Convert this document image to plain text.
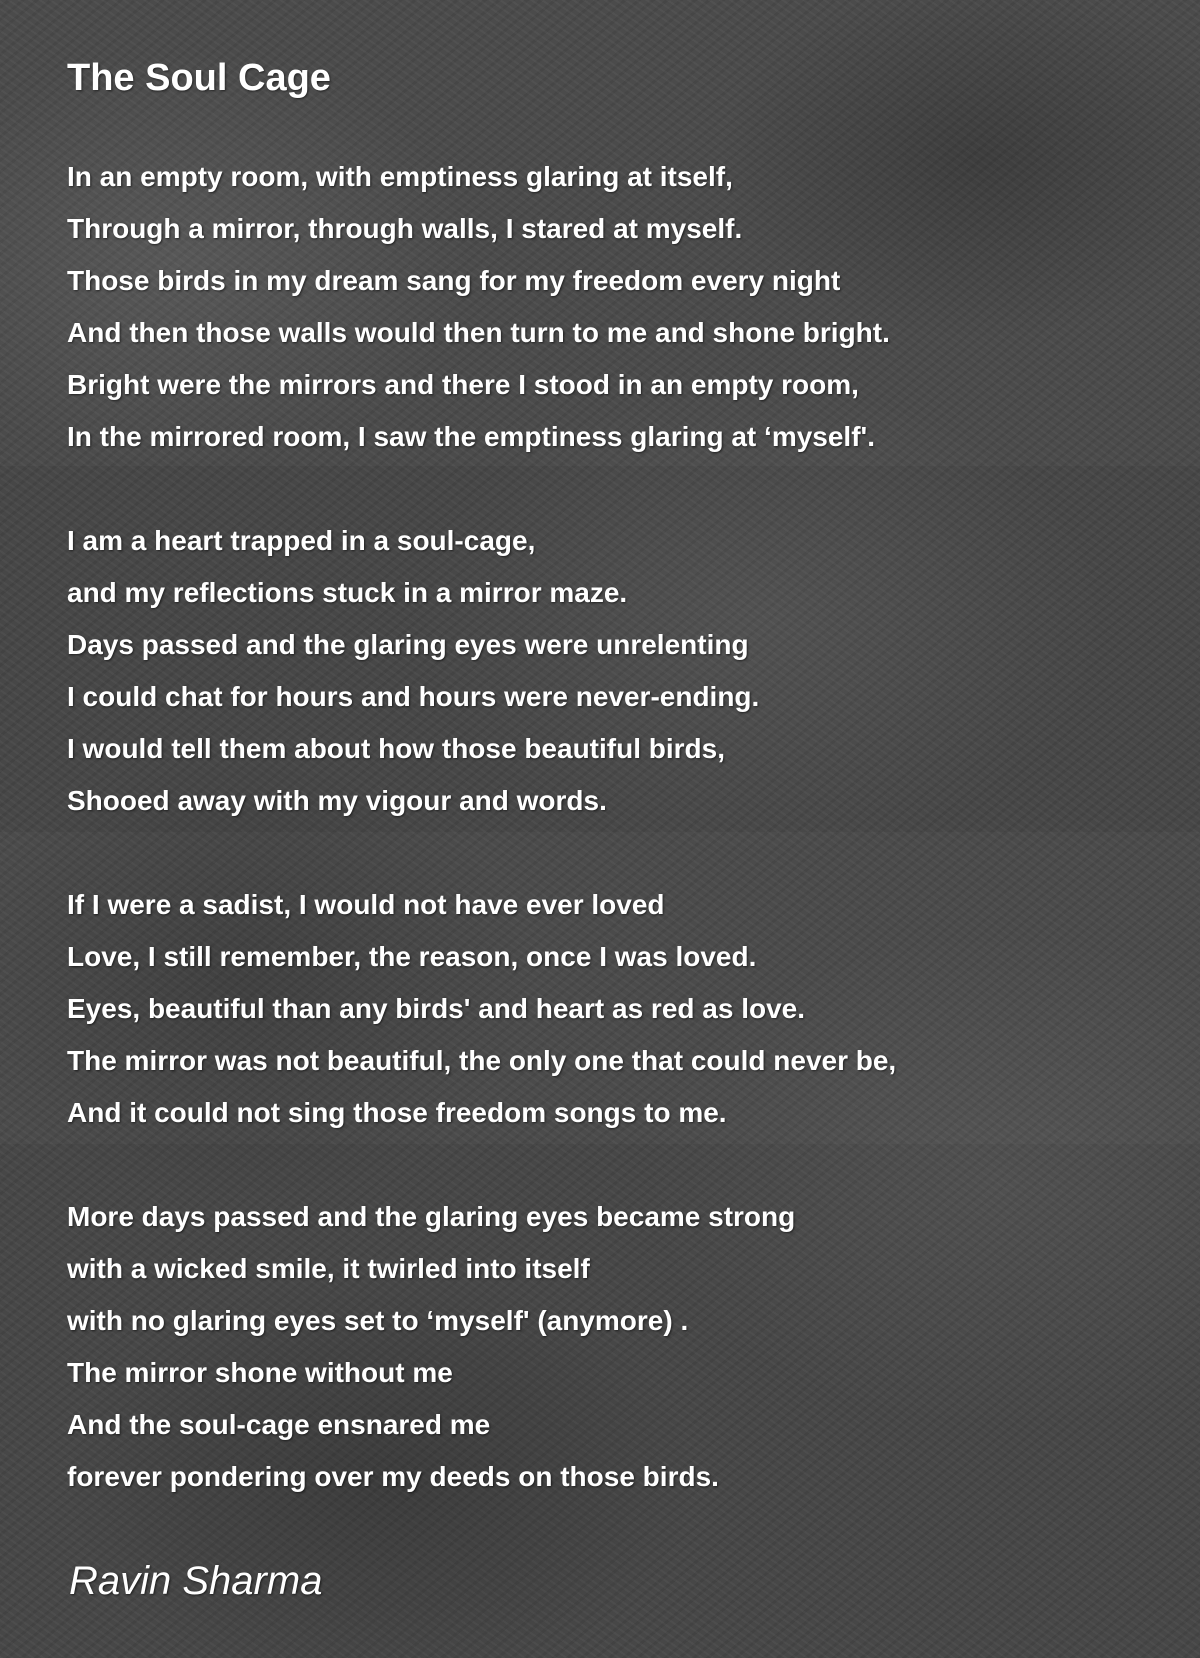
The Soul Cage

In an empty room, with emptiness glaring at itself,
Through a mirror, through walls, I stared at myself.
Those birds in my dream sang for my freedom every night
And then those walls would then turn to me and shone bright.
Bright were the mirrors and there I stood in an empty room,
In the mirrored room, I saw the emptiness glaring at ‘myself'.

I am a heart trapped in a soul-cage,
and my reflections stuck in a mirror maze.
Days passed and the glaring eyes were unrelenting
I could chat for hours and hours were never-ending.
I would tell them about how those beautiful birds,
Shooed away with my vigour and words.

If I were a sadist, I would not have ever loved
Love, I still remember, the reason, once I was loved.
Eyes, beautiful than any birds' and heart as red as love.
The mirror was not beautiful, the only one that could never be,
And it could not sing those freedom songs to me.

More days passed and the glaring eyes became strong
with a wicked smile, it twirled into itself
with no glaring eyes set to ‘myself' (anymore) .
The mirror shone without me
And the soul-cage ensnared me
forever pondering over my deeds on those birds.

Ravin Sharma
